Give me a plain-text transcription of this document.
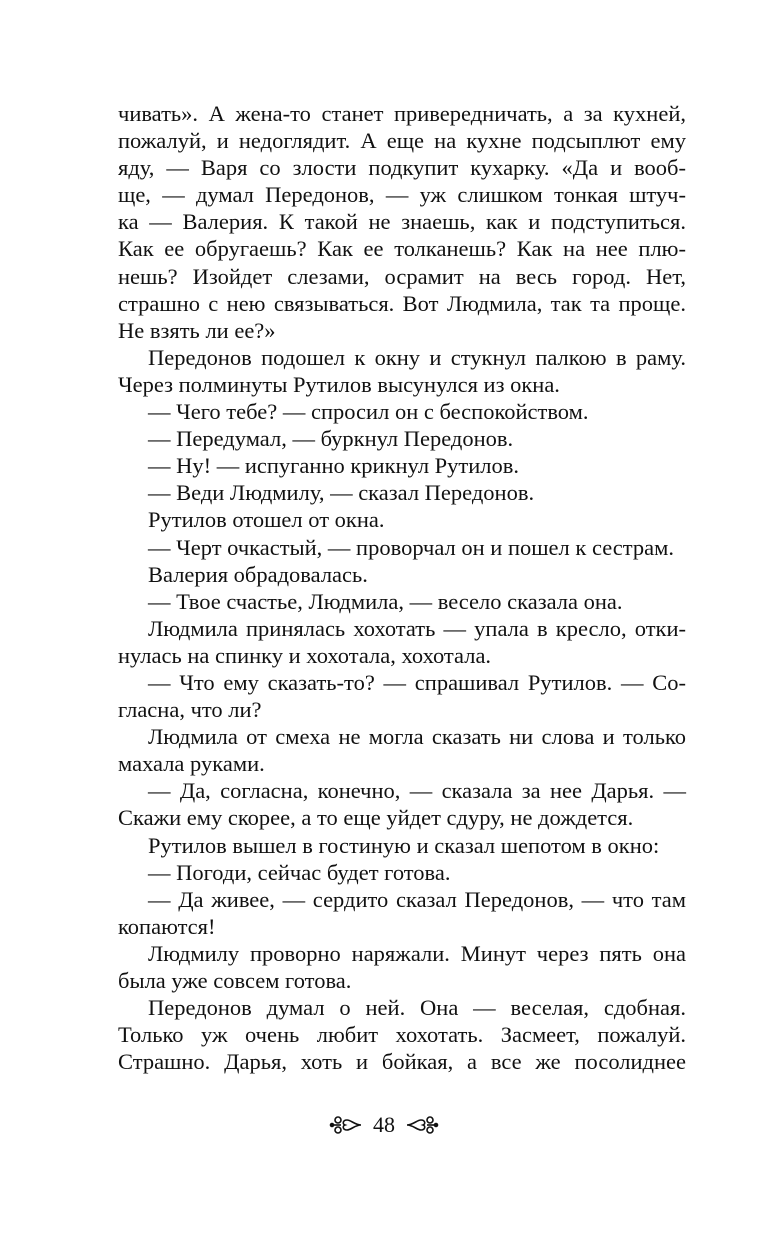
чивать». А жена-то станет привередничать, а за кухней,
пожалуй, и недоглядит. А еще на кухне подсыплют ему
яду, — Варя со злости подкупит кухарку. «Да и вооб-
ще, — думал Передонов, — уж слишком тонкая штуч-
ка — Валерия. К такой не знаешь, как и подступиться.
Как ее обругаешь? Как ее толканешь? Как на нее плю-
нешь? Изойдет слезами, осрамит на весь город. Нет,
страшно с нею связываться. Вот Людмила, так та проще.
Не взять ли ее?»
Передонов подошел к окну и стукнул палкою в раму.
Через полминуты Рутилов высунулся из окна.
— Чего тебе? — спросил он с беспокойством.
— Передумал, — буркнул Передонов.
— Ну! — испуганно крикнул Рутилов.
— Веди Людмилу, — сказал Передонов.
Рутилов отошел от окна.
— Черт очкастый, — проворчал он и пошел к сестрам.
Валерия обрадовалась.
— Твое счастье, Людмила, — весело сказала она.
Людмила принялась хохотать — упала в кресло, отки-
нулась на спинку и хохотала, хохотала.
— Что ему сказать-то? — спрашивал Рутилов. — Со-
гласна, что ли?
Людмила от смеха не могла сказать ни слова и только
махала руками.
— Да, согласна, конечно, — сказала за нее Дарья. —
Скажи ему скорее, а то еще уйдет сдуру, не дождется.
Рутилов вышел в гостиную и сказал шепотом в окно:
— Погоди, сейчас будет готова.
— Да живее, — сердито сказал Передонов, — что там
копаются!
Людмилу проворно наряжали. Минут через пять она
была уже совсем готова.
Передонов думал о ней. Она — веселая, сдобная.
Только уж очень любит хохотать. Засмеет, пожалуй.
Страшно. Дарья, хоть и бойкая, а все же посолиднее
48
